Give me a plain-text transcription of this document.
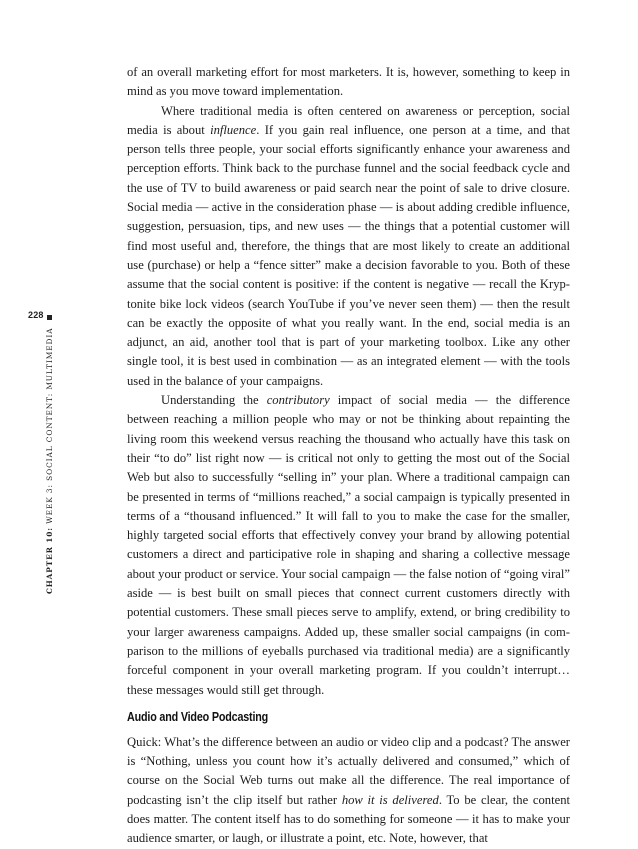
228
CHAPTER 10: WEEK 3: SOCIAL CONTENT: MULTIMEDIA

of an overall marketing effort for most marketers. It is, however, something to keep in mind as you move toward implementation.

Where traditional media is often centered on awareness or perception, social media is about influence. If you gain real influence, one person at a time, and that person tells three people, your social efforts significantly enhance your awareness and perception efforts. Think back to the purchase funnel and the social feedback cycle and the use of TV to build awareness or paid search near the point of sale to drive closure. Social media — active in the consideration phase — is about adding credible influence, suggestion, persuasion, tips, and new uses — the things that a potential customer will find most useful and, therefore, the things that are most likely to create an additional use (purchase) or help a “fence sitter” make a decision favorable to you. Both of these assume that the social content is positive: if the content is negative — recall the Kryptonite bike lock videos (search YouTube if you’ve never seen them) — then the result can be exactly the opposite of what you really want. In the end, social media is an adjunct, an aid, another tool that is part of your marketing toolbox. Like any other single tool, it is best used in combination — as an integrated element — with the tools used in the balance of your campaigns.

Understanding the contributory impact of social media — the difference between reaching a million people who may or not be thinking about repainting the living room this weekend versus reaching the thousand who actually have this task on their “to do” list right now — is critical not only to getting the most out of the Social Web but also to successfully “selling in” your plan. Where a traditional campaign can be presented in terms of “millions reached,” a social campaign is typically presented in terms of a “thousand influenced.” It will fall to you to make the case for the smaller, highly targeted social efforts that effectively convey your brand by allowing potential customers a direct and participative role in shaping and sharing a collective message about your product or service. Your social campaign — the false notion of “going viral” aside — is best built on small pieces that connect current customers directly with potential customers. These small pieces serve to amplify, extend, or bring credibility to your larger awareness campaigns. Added up, these smaller social campaigns (in comparison to the millions of eyeballs purchased via traditional media) are a significantly forceful component in your overall marketing program. If you couldn’t interrupt… these messages would still get through.

Audio and Video Podcasting

Quick: What’s the difference between an audio or video clip and a podcast? The answer is “Nothing, unless you count how it’s actually delivered and consumed,” which of course on the Social Web turns out make all the difference. The real importance of podcasting isn’t the clip itself but rather how it is delivered. To be clear, the content does matter. The content itself has to do something for someone — it has to make your audience smarter, or laugh, or illustrate a point, etc. Note, however, that
